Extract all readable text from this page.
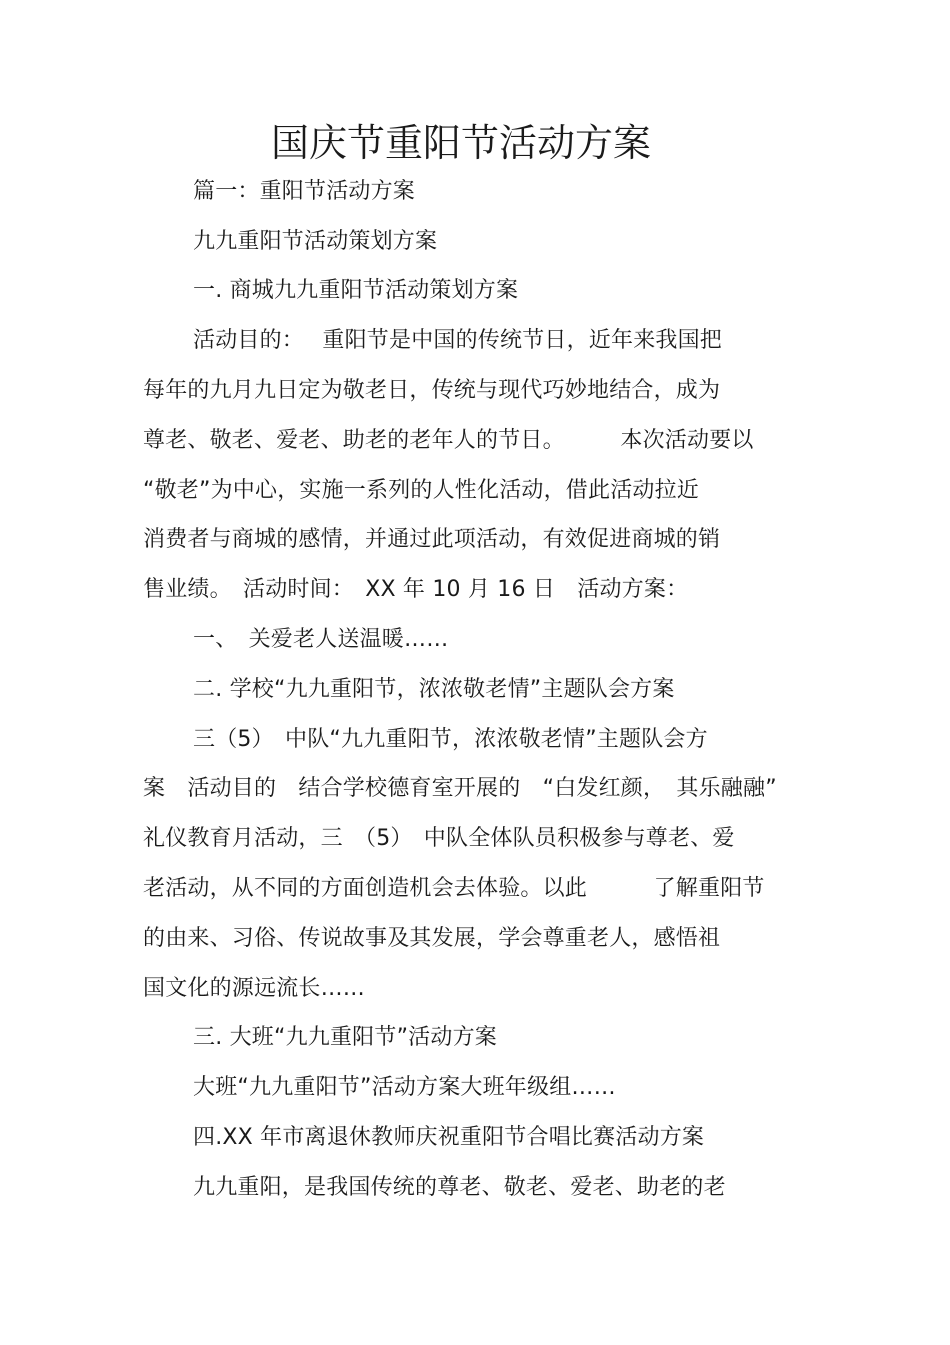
国庆节重阳节活动方案
篇一：重阳节活动方案
九九重阳节活动策划方案
一. 商城九九重阳节活动策划方案
活动目的：　 重阳节是中国的传统节日，近年来我国把
每年的九月九日定为敬老日，传统与现代巧妙地结合，成为
尊老、敬老、爱老、助老的老年人的节日。　　　本次活动要以
“敬老”为中心，实施一系列的人性化活动，借此活动拉近
消费者与商城的感情，并通过此项活动，有效促进商城的销
售业绩。　活动时间：　XX 年 10 月 16 日　活动方案：
一、　关爱老人送温暖……
二. 学校“九九重阳节，浓浓敬老情”主题队会方案
三（5）　中队“九九重阳节，浓浓敬老情”主题队会方
案　活动目的　结合学校德育室开展的　“白发红颜，　其乐融融”
礼仪教育月活动，三　（5）　中队全体队员积极参与尊老、爱
老活动，从不同的方面创造机会去体验。以此　　　了解重阳节
的由来、习俗、传说故事及其发展，学会尊重老人，感悟祖
国文化的源远流长……
三. 大班“九九重阳节”活动方案
大班“九九重阳节”活动方案大班年级组……
四.XX 年市离退休教师庆祝重阳节合唱比赛活动方案
九九重阳，是我国传统的尊老、敬老、爱老、助老的老
